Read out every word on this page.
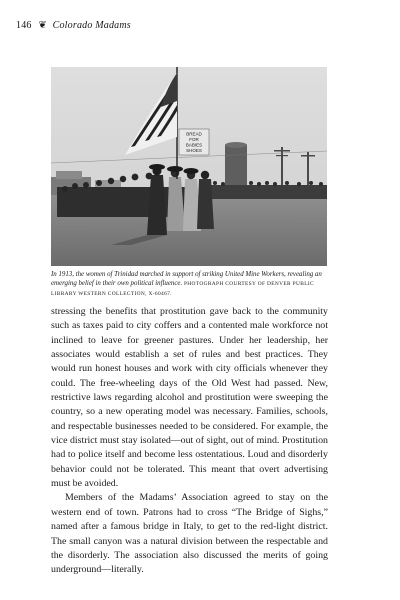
146 ❦ Colorado Madams
BREAD
FOR
BABIES
SHOES
In 1913, the women of Trinidad marched in support of striking United Mine Workers, revealing an emerging belief in their own political influence. PHOTOGRAPH COURTESY OF DENVER PUBLIC LIBRARY WESTERN COLLECTION, X-60467.

stressing the benefits that prostitution gave back to the community such as taxes paid to city coffers and a contented male workforce not inclined to leave for greener pastures. Under her leadership, her associates would establish a set of rules and best practices. They would run honest houses and work with city officials whenever they could. The free-wheeling days of the Old West had passed. New, restrictive laws regarding alcohol and prostitution were sweeping the country, so a new operating model was necessary. Families, schools, and respectable businesses needed to be considered. For example, the vice district must stay isolated—out of sight, out of mind. Prostitution had to police itself and become less ostentatious. Loud and disorderly behavior could not be tolerated. This meant that overt advertising must be avoided.

Members of the Madams’ Association agreed to stay on the western end of town. Patrons had to cross “The Bridge of Sighs,” named after a famous bridge in Italy, to get to the red-light district. The small canyon was a natural division between the respectable and the disorderly. The association also discussed the merits of going underground—literally.
